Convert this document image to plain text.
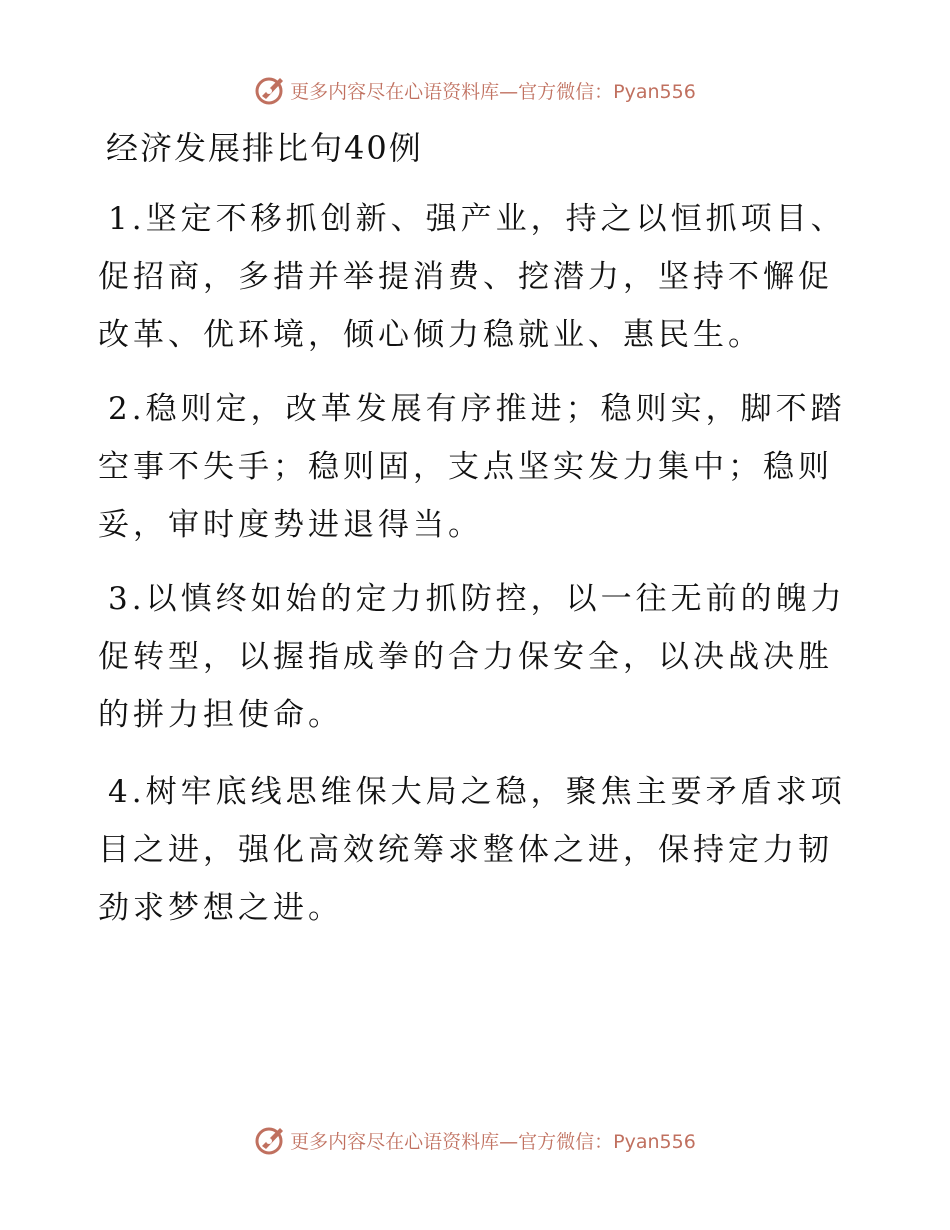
更多内容尽在心语资料库—官方微信：Pyan556
经济发展排比句40例

1.坚定不移抓创新、强产业，持之以恒抓项目、促招商，多措并举提消费、挖潜力，坚持不懈促改革、优环境，倾心倾力稳就业、惠民生。

2.稳则定，改革发展有序推进；稳则实，脚不踏空事不失手；稳则固，支点坚实发力集中；稳则妥，审时度势进退得当。

3.以慎终如始的定力抓防控，以一往无前的魄力促转型，以握指成拳的合力保安全，以决战决胜的拼力担使命。

4.树牢底线思维保大局之稳，聚焦主要矛盾求项目之进，强化高效统筹求整体之进，保持定力韧劲求梦想之进。

更多内容尽在心语资料库—官方微信：Pyan556
